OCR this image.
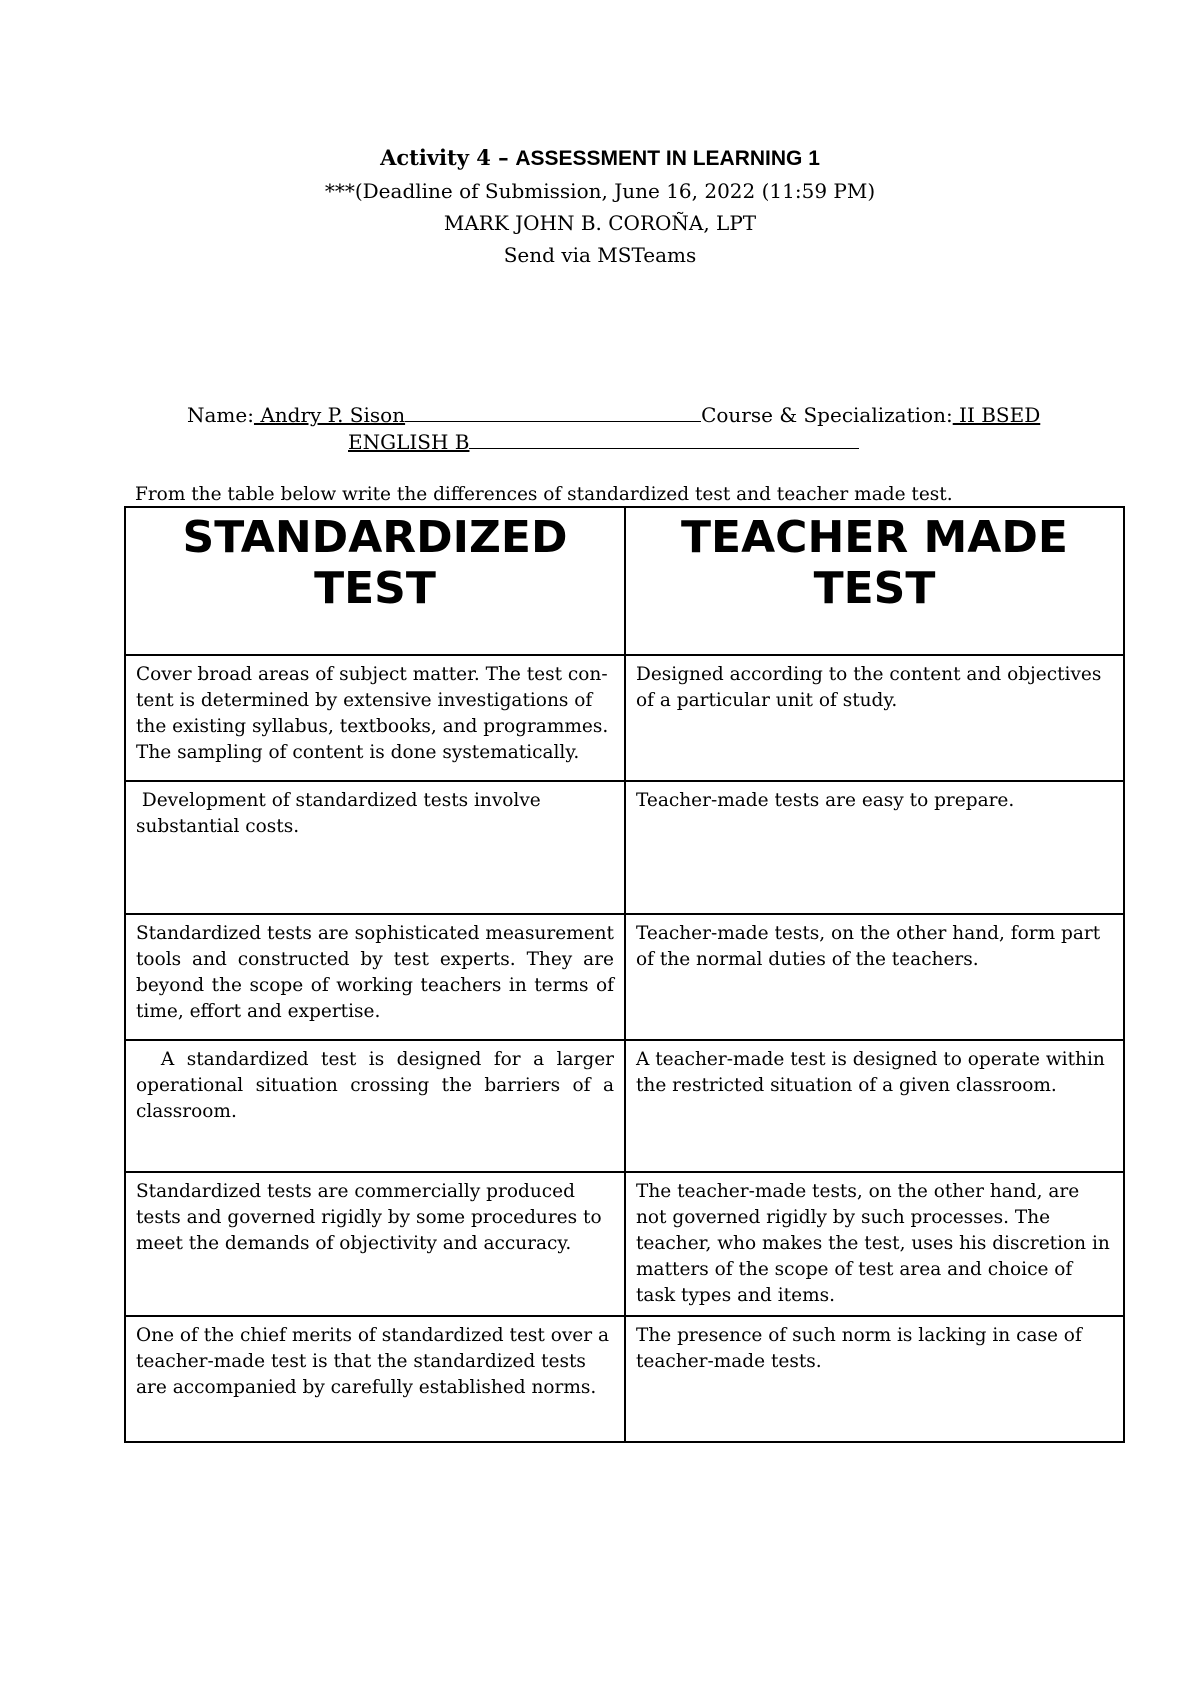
Activity 4 – ASSESSMENT IN LEARNING 1
***(Deadline of Submission, June 16, 2022 (11:59 PM)
MARK JOHN B. COROÑA, LPT
Send via MSTeams
Name: Andry P. Sison	Course & Specialization: II BSED
ENGLISH B
From the table below write the differences of standardized test and teacher made test.
STANDARDIZED TEST	TEACHER MADE TEST
Cover broad areas of subject matter. The test con-tent is determined by extensive investigations of the existing syllabus, textbooks, and programmes. The sampling of content is done systematically.	Designed according to the content and objectives of a particular unit of study.
Development of standardized tests involve substantial costs.	Teacher-made tests are easy to prepare.
Standardized tests are sophisticated measurement tools and constructed by test experts. They are beyond the scope of working teachers in terms of time, effort and expertise.	Teacher-made tests, on the other hand, form part of the normal duties of the teachers.
A standardized test is designed for a larger operational situation crossing the barriers of a classroom.	A teacher-made test is designed to operate within the restricted situation of a given classroom.
Standardized tests are commercially produced tests and governed rigidly by some procedures to meet the demands of objectivity and accuracy.	The teacher-made tests, on the other hand, are not governed rigidly by such processes. The teacher, who makes the test, uses his discretion in matters of the scope of test area and choice of task types and items.
One of the chief merits of standardized test over a teacher-made test is that the standardized tests are accompanied by carefully established norms.	The presence of such norm is lacking in case of teacher-made tests.
